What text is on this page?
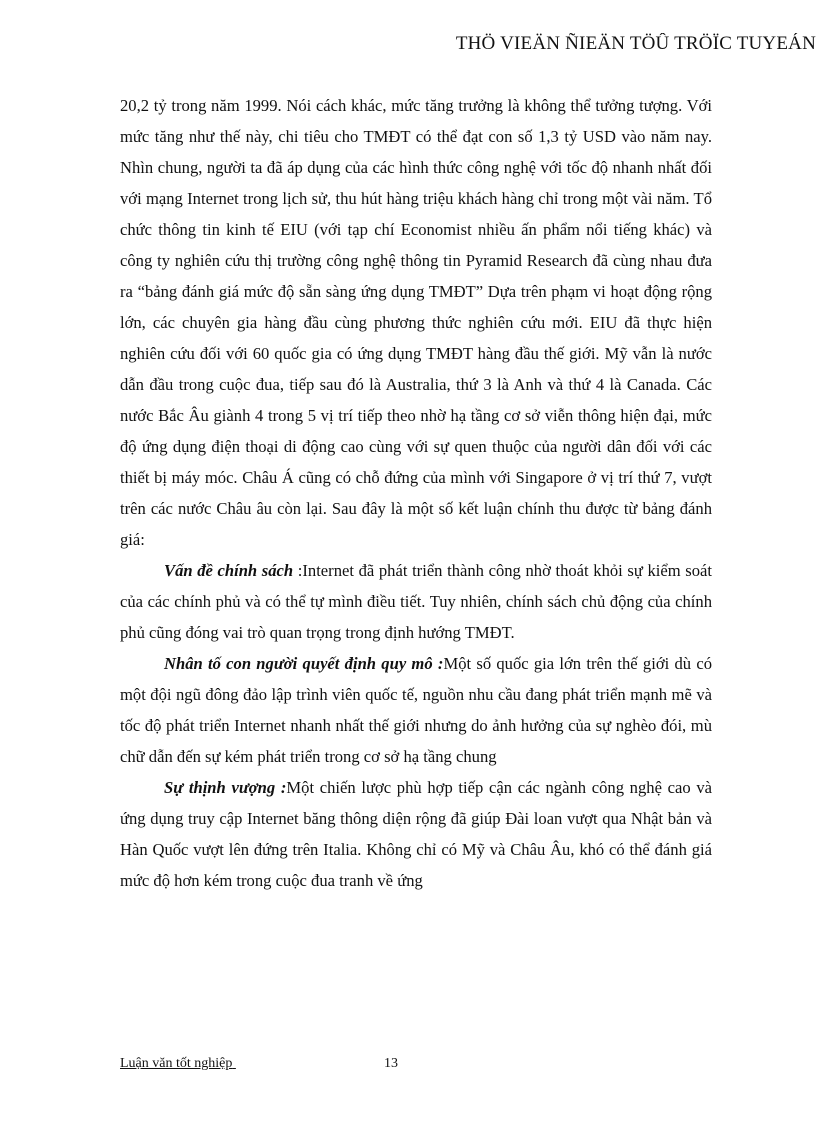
THÖ VIEÄN ÑIEÄN TÖÛ TRÖÏC TUYEÁN

20,2 tỷ trong năm 1999. Nói cách khác, mức tăng trưởng là không thể tưởng tượng. Với mức tăng như thế này, chi tiêu cho TMĐT có thể đạt con số 1,3 tỷ USD vào năm nay. Nhìn chung, người ta đã áp dụng của các hình thức công nghệ với tốc độ nhanh nhất đối với mạng Internet trong lịch sử, thu hút hàng triệu khách hàng chỉ trong một vài năm. Tổ chức thông tin kinh tế EIU (với tạp chí Economist nhiều ấn phẩm nổi tiếng khác) và công ty nghiên cứu thị trường công nghệ thông tin Pyramid Research đã cùng nhau đưa ra “bảng đánh giá mức độ sẵn sàng ứng dụng TMĐT” Dựa trên phạm vi hoạt động rộng lớn, các chuyên gia hàng đầu cùng phương thức nghiên cứu mới. EIU đã thực hiện nghiên cứu đối với 60 quốc gia có ứng dụng TMĐT hàng đầu thế giới. Mỹ vẫn là nước dẫn đầu trong cuộc đua, tiếp sau đó là Australia, thứ 3 là Anh và thứ 4 là Canada. Các nước Bắc Âu giành 4 trong 5 vị trí tiếp theo nhờ hạ tầng cơ sở viễn thông hiện đại, mức độ ứng dụng điện thoại di động cao cùng với sự quen thuộc của người dân đối với các thiết bị máy móc. Châu Á cũng có chỗ đứng của mình với Singapore ở vị trí thứ 7, vượt trên các nước Châu âu còn lại. Sau đây là một số kết luận chính thu được từ bảng đánh giá:

Vấn đề chính sách :Internet đã phát triển thành công nhờ thoát khỏi sự kiểm soát của các chính phủ và có thể tự mình điều tiết. Tuy nhiên, chính sách chủ động của chính phủ cũng đóng vai trò quan trọng trong định hướng TMĐT.

Nhân tố con người quyết định quy mô :Một số quốc gia lớn trên thế giới dù có một đội ngũ đông đảo lập trình viên quốc tế, nguồn nhu cầu đang phát triển mạnh mẽ và tốc độ phát triển Internet nhanh nhất thế giới nhưng do ảnh hưởng của sự nghèo đói, mù chữ dẫn đến sự kém phát triển trong cơ sở hạ tầng chung

Sự thịnh vượng :Một chiến lược phù hợp tiếp cận các ngành công nghệ cao và ứng dụng truy cập Internet băng thông diện rộng đã giúp Đài loan vượt qua Nhật bản và Hàn Quốc vượt lên đứng trên Italia. Không chỉ có Mỹ và Châu Âu, khó có thể đánh giá mức độ hơn kém trong cuộc đua tranh về ứng

Luận văn tốt nghiệp	13
